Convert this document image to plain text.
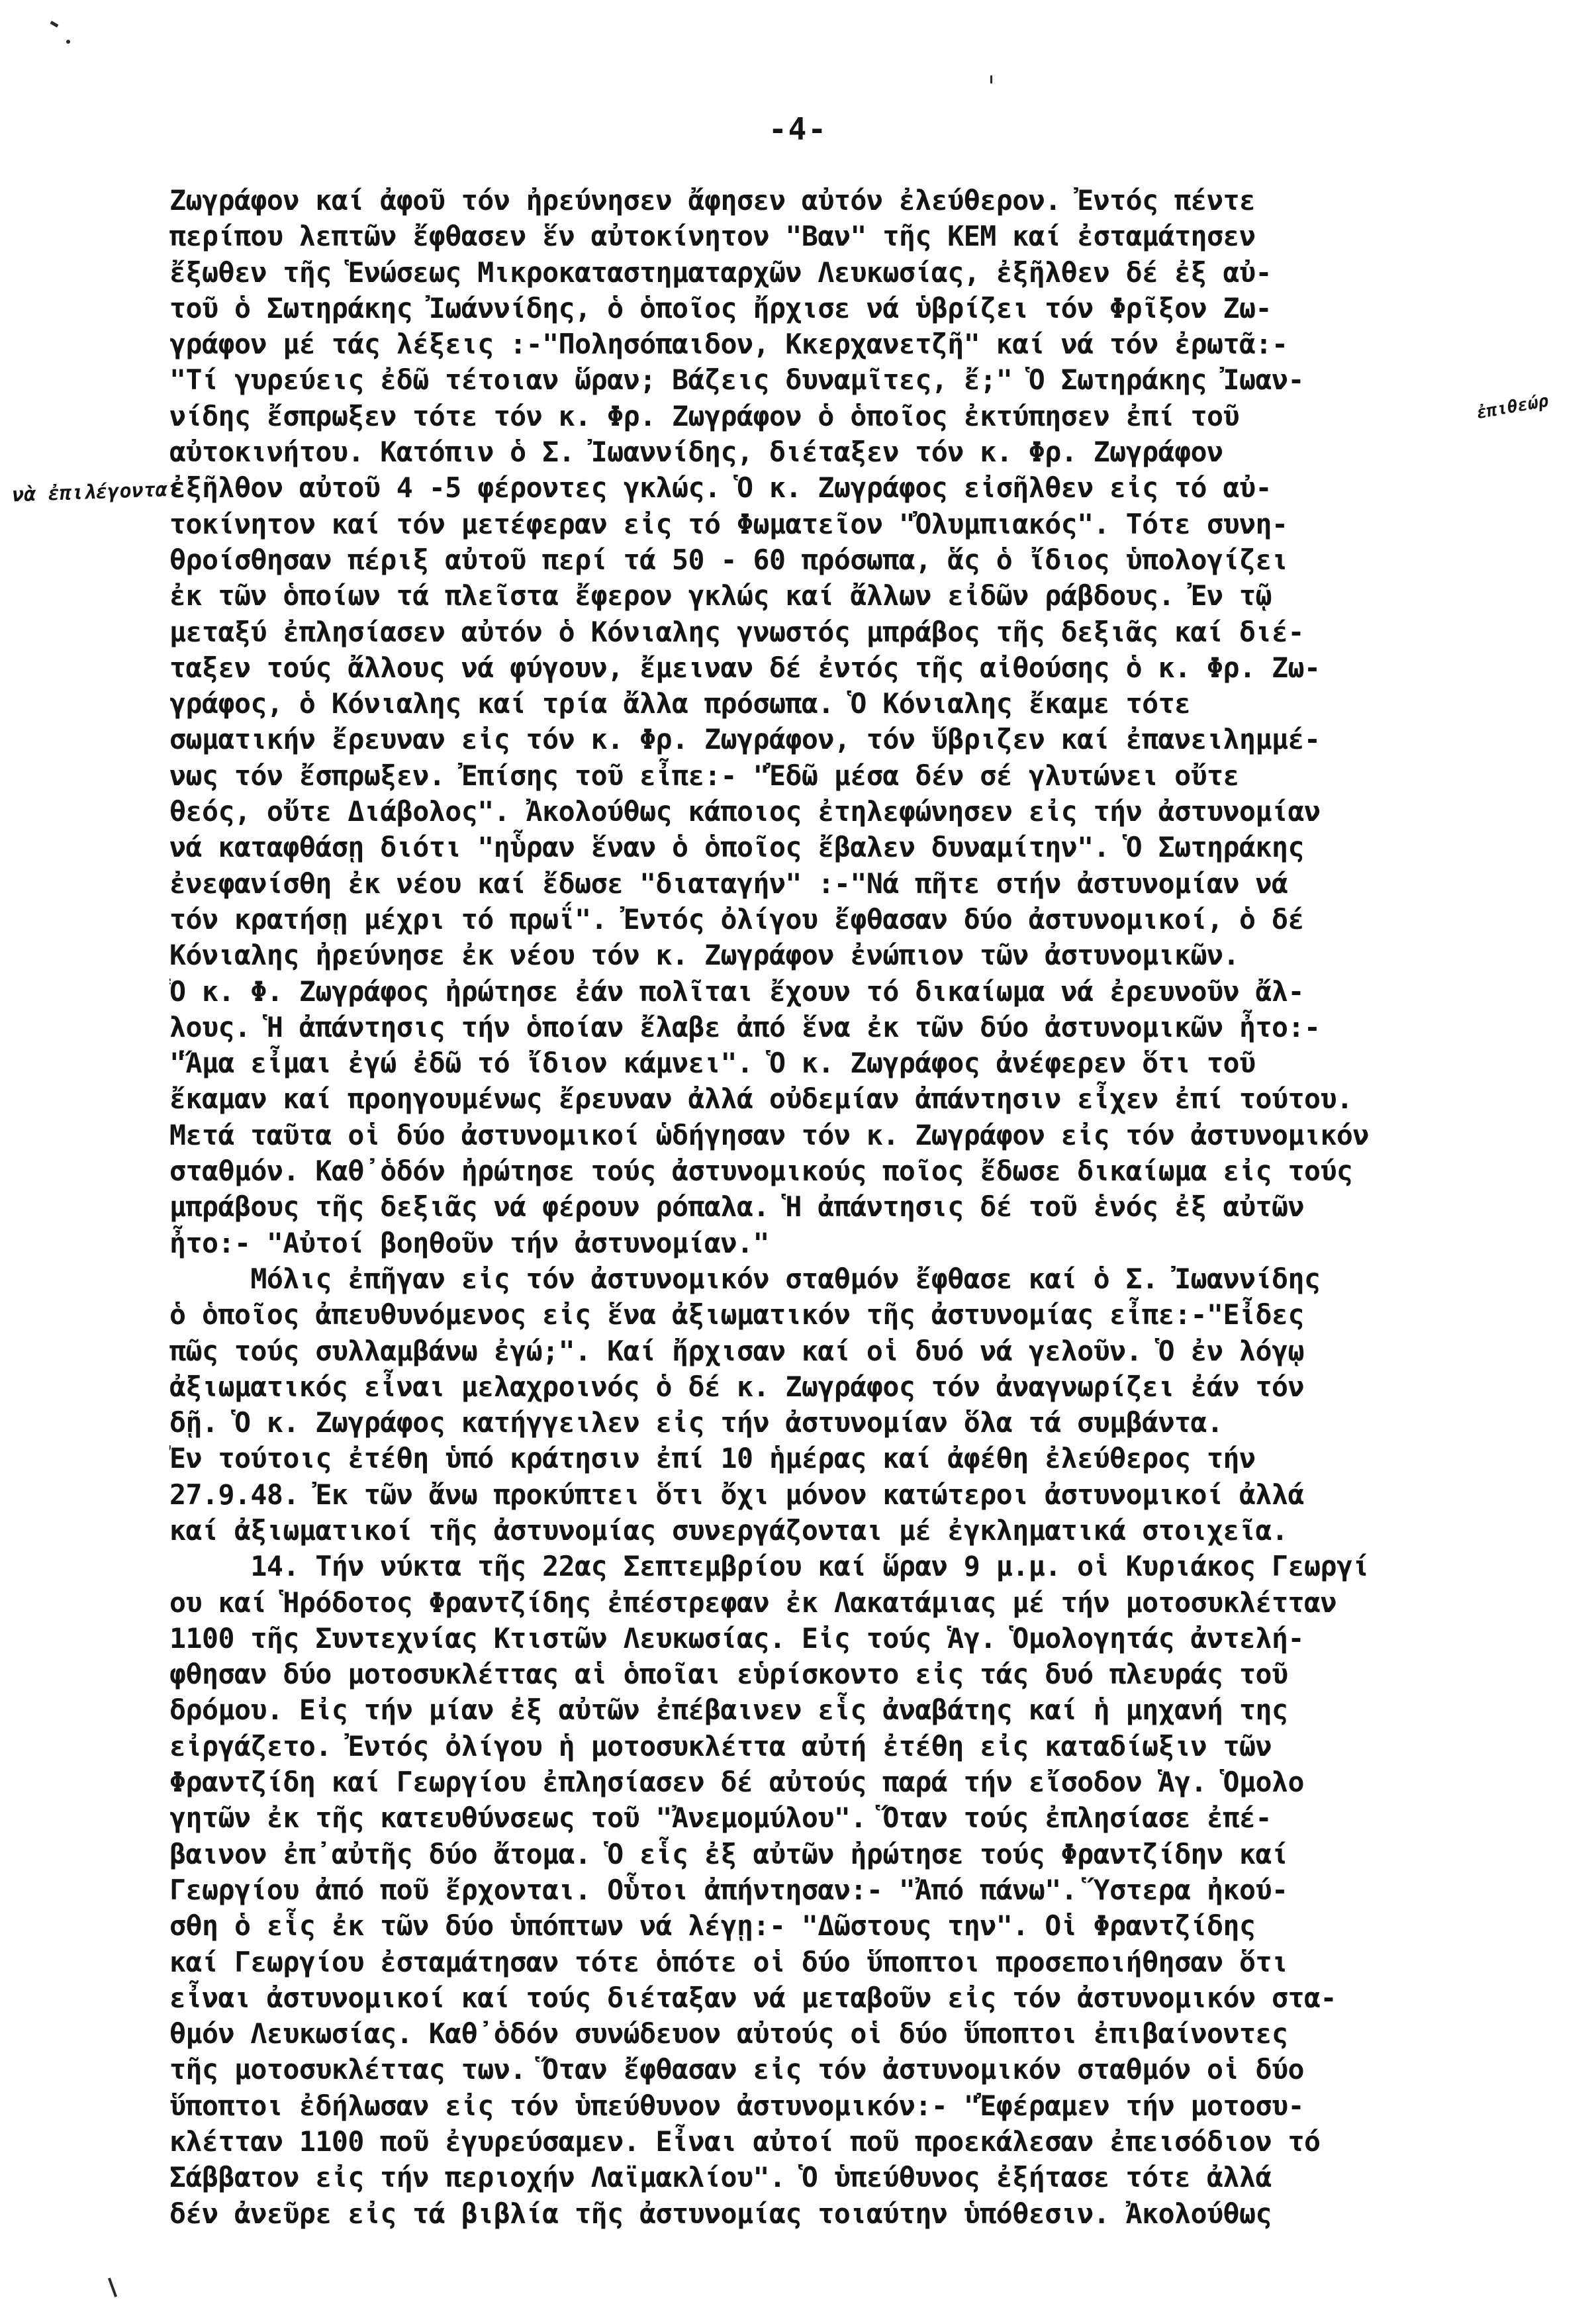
-4-
νὰ ἐπιλέγονται
ἐπιθεώρ
Ζωγράφον καί ἀφοῦ τόν ἠρεύνησεν ἄφησεν αὐτόν ἐλεύθερον. Ἐντός πέντε
περίπου λεπτῶν ἔφθασεν ἕν αὐτοκίνητον "Βαν" τῆς ΚΕΜ καί ἐσταμάτησεν
ἔξωθεν τῆς Ἑνώσεως Μικροκαταστηματαρχῶν Λευκωσίας, ἐξῆλθεν δέ ἐξ αὐ-
τοῦ ὁ Σωτηράκης Ἰωάννίδης, ὁ ὁποῖος ἤρχισε νά ὑβρίζει τόν Φρῖξον Ζω-
γράφον μέ τάς λέξεις :-"Πολησόπαιδον, Κκερχανετζῆ" καί νά τόν ἐρωτᾶ:-
"Τί γυρεύεις ἐδῶ τέτοιαν ὥραν; Βάζεις δυναμῖτες, ἔ;" Ὁ Σωτηράκης Ἰωαν-
νίδης ἔσπρωξεν τότε τόν κ. Φρ. Ζωγράφον ὁ ὁποῖος ἐκτύπησεν ἐπί τοῦ
αὐτοκινήτου. Κατόπιν ὁ Σ. Ἰωαννίδης, διέταξεν τόν κ. Φρ. Ζωγράφον
ἐξῆλθον αὐτοῦ 4 -5 φέροντες γκλώς. Ὁ κ. Ζωγράφος εἰσῆλθεν εἰς τό αὐ-
τοκίνητον καί τόν μετέφεραν εἰς τό Φωματεῖον "Ὀλυμπιακός". Τότε συνη-
θροίσθησαν πέριξ αὐτοῦ περί τά 50 - 60 πρόσωπα, ἅς ὁ ἴδιος ὑπολογίζει
ἐκ τῶν ὁποίων τά πλεῖστα ἔφερον γκλώς καί ἄλλων εἰδῶν ράβδους. Ἐν τῷ
μεταξύ ἐπλησίασεν αὐτόν ὁ Κόνιαλης γνωστός μπράβος τῆς δεξιᾶς καί διέ-
ταξεν τούς ἄλλους νά φύγουν, ἔμειναν δέ ἐντός τῆς αἰθούσης ὁ κ. Φρ. Ζω-
γράφος, ὁ Κόνιαλης καί τρία ἄλλα πρόσωπα. Ὁ Κόνιαλης ἔκαμε τότε
σωματικήν ἔρευναν εἰς τόν κ. Φρ. Ζωγράφον, τόν ὕβριζεν καί ἐπανειλημμέ-
νως τόν ἔσπρωξεν. Ἐπίσης τοῦ εἶπε:- "Ἐδῶ μέσα δέν σέ γλυτώνει οὔτε
θεός, οὔτε Διάβολος". Ἀκολούθως κάποιος ἐτηλεφώνησεν εἰς τήν ἀστυνομίαν
νά καταφθάσῃ διότι "ηὗραν ἕναν ὁ ὁποῖος ἔβαλεν δυναμίτην". Ὁ Σωτηράκης
ἐνεφανίσθη ἐκ νέου καί ἔδωσε "διαταγήν" :-"Νά πῆτε στήν ἀστυνομίαν νά
τόν κρατήσῃ μέχρι τό πρωΐ". Ἐντός ὀλίγου ἔφθασαν δύο ἀστυνομικοί, ὁ δέ
Κόνιαλης ἠρεύνησε ἐκ νέου τόν κ. Ζωγράφον ἐνώπιον τῶν ἀστυνομικῶν.
Ὁ κ. Φ. Ζωγράφος ἠρώτησε ἐάν πολῖται ἔχουν τό δικαίωμα νά ἐρευνοῦν ἄλ-
λους. Ἡ ἀπάντησις τήν ὁποίαν ἔλαβε ἀπό ἕνα ἐκ τῶν δύο ἀστυνομικῶν ἦτο:-
"Ἅμα εἶμαι ἐγώ ἐδῶ τό ἴδιον κάμνει". Ὁ κ. Ζωγράφος ἀνέφερεν ὅτι τοῦ
ἔκαμαν καί προηγουμένως ἔρευναν ἀλλά οὐδεμίαν ἀπάντησιν εἶχεν ἐπί τούτου.
Μετά ταῦτα οἱ δύο ἀστυνομικοί ὡδήγησαν τόν κ. Ζωγράφον εἰς τόν ἀστυνομικόν
σταθμόν. Καθ᾿ὁδόν ἠρώτησε τούς ἀστυνομικούς ποῖος ἔδωσε δικαίωμα εἰς τούς
μπράβους τῆς δεξιᾶς νά φέρουν ρόπαλα. Ἡ ἀπάντησις δέ τοῦ ἑνός ἐξ αὐτῶν
ἦτο:- "Αὐτοί βοηθοῦν τήν ἀστυνομίαν."
Μόλις ἐπῆγαν εἰς τόν ἀστυνομικόν σταθμόν ἔφθασε καί ὁ Σ. Ἰωαννίδης
ὁ ὁποῖος ἀπευθυνόμενος εἰς ἕνα ἀξιωματικόν τῆς ἀστυνομίας εἶπε:-"Εἶδες
πῶς τούς συλλαμβάνω ἐγώ;". Καί ἤρχισαν καί οἱ δυό νά γελοῦν. Ὁ ἐν λόγῳ
ἀξιωματικός εἶναι μελαχροινός ὁ δέ κ. Ζωγράφος τόν ἀναγνωρίζει ἐάν τόν
δῇ. Ὁ κ. Ζωγράφος κατήγγειλεν εἰς τήν ἀστυνομίαν ὅλα τά συμβάντα.
Ἐν τούτοις ἐτέθη ὑπό κράτησιν ἐπί 10 ἡμέρας καί ἀφέθη ἐλεύθερος τήν
27.9.48. Ἐκ τῶν ἄνω προκύπτει ὅτι ὄχι μόνον κατώτεροι ἀστυνομικοί ἀλλά
καί ἀξιωματικοί τῆς ἀστυνομίας συνεργάζονται μέ ἐγκληματικά στοιχεῖα.
14. Τήν νύκτα τῆς 22ας Σεπτεμβρίου καί ὥραν 9 μ.μ. οἱ Κυριάκος Γεωργί
ου καί Ἡρόδοτος Φραντζίδης ἐπέστρεφαν ἐκ Λακατάμιας μέ τήν μοτοσυκλέτταν
1100 τῆς Συντεχνίας Κτιστῶν Λευκωσίας. Εἰς τούς Ἁγ. Ὁμολογητάς ἀντελή-
φθησαν δύο μοτοσυκλέττας αἱ ὁποῖαι εὑρίσκοντο εἰς τάς δυό πλευράς τοῦ
δρόμου. Εἰς τήν μίαν ἐξ αὐτῶν ἐπέβαινεν εἷς ἀναβάτης καί ἡ μηχανή της
εἰργάζετο. Ἐντός ὀλίγου ἡ μοτοσυκλέττα αὐτή ἐτέθη εἰς καταδίωξιν τῶν
Φραντζίδη καί Γεωργίου ἐπλησίασεν δέ αὐτούς παρά τήν εἴσοδον Ἁγ. Ὁμολο
γητῶν ἐκ τῆς κατευθύνσεως τοῦ "Ἀνεμομύλου". Ὅταν τούς ἐπλησίασε ἐπέ-
βαινον ἐπ᾿αὐτῆς δύο ἄτομα. Ὁ εἷς ἐξ αὐτῶν ἠρώτησε τούς Φραντζίδην καί
Γεωργίου ἀπό ποῦ ἔρχονται. Οὗτοι ἀπήντησαν:- "Ἀπό πάνω". Ὕστερα ἠκού-
σθη ὁ εἷς ἐκ τῶν δύο ὑπόπτων νά λέγῃ:- "Δῶστους την". Οἱ Φραντζίδης
καί Γεωργίου ἐσταμάτησαν τότε ὁπότε οἱ δύο ὕποπτοι προσεποιήθησαν ὅτι
εἶναι ἀστυνομικοί καί τούς διέταξαν νά μεταβοῦν εἰς τόν ἀστυνομικόν στα-
θμόν Λευκωσίας. Καθ᾿ὁδόν συνώδευον αὐτούς οἱ δύο ὕποπτοι ἐπιβαίνοντες
τῆς μοτοσυκλέττας των. Ὅταν ἔφθασαν εἰς τόν ἀστυνομικόν σταθμόν οἱ δύο
ὕποπτοι ἐδήλωσαν εἰς τόν ὑπεύθυνον ἀστυνομικόν:- "Ἐφέραμεν τήν μοτοσυ-
κλέτταν 1100 ποῦ ἐγυρεύσαμεν. Εἶναι αὐτοί ποῦ προεκάλεσαν ἐπεισόδιον τό
Σάββατον εἰς τήν περιοχήν Λαϊμακλίου". Ὁ ὑπεύθυνος ἐξήτασε τότε ἀλλά
δέν ἀνεῦρε εἰς τά βιβλία τῆς ἀστυνομίας τοιαύτην ὑπόθεσιν. Ἀκολούθως
